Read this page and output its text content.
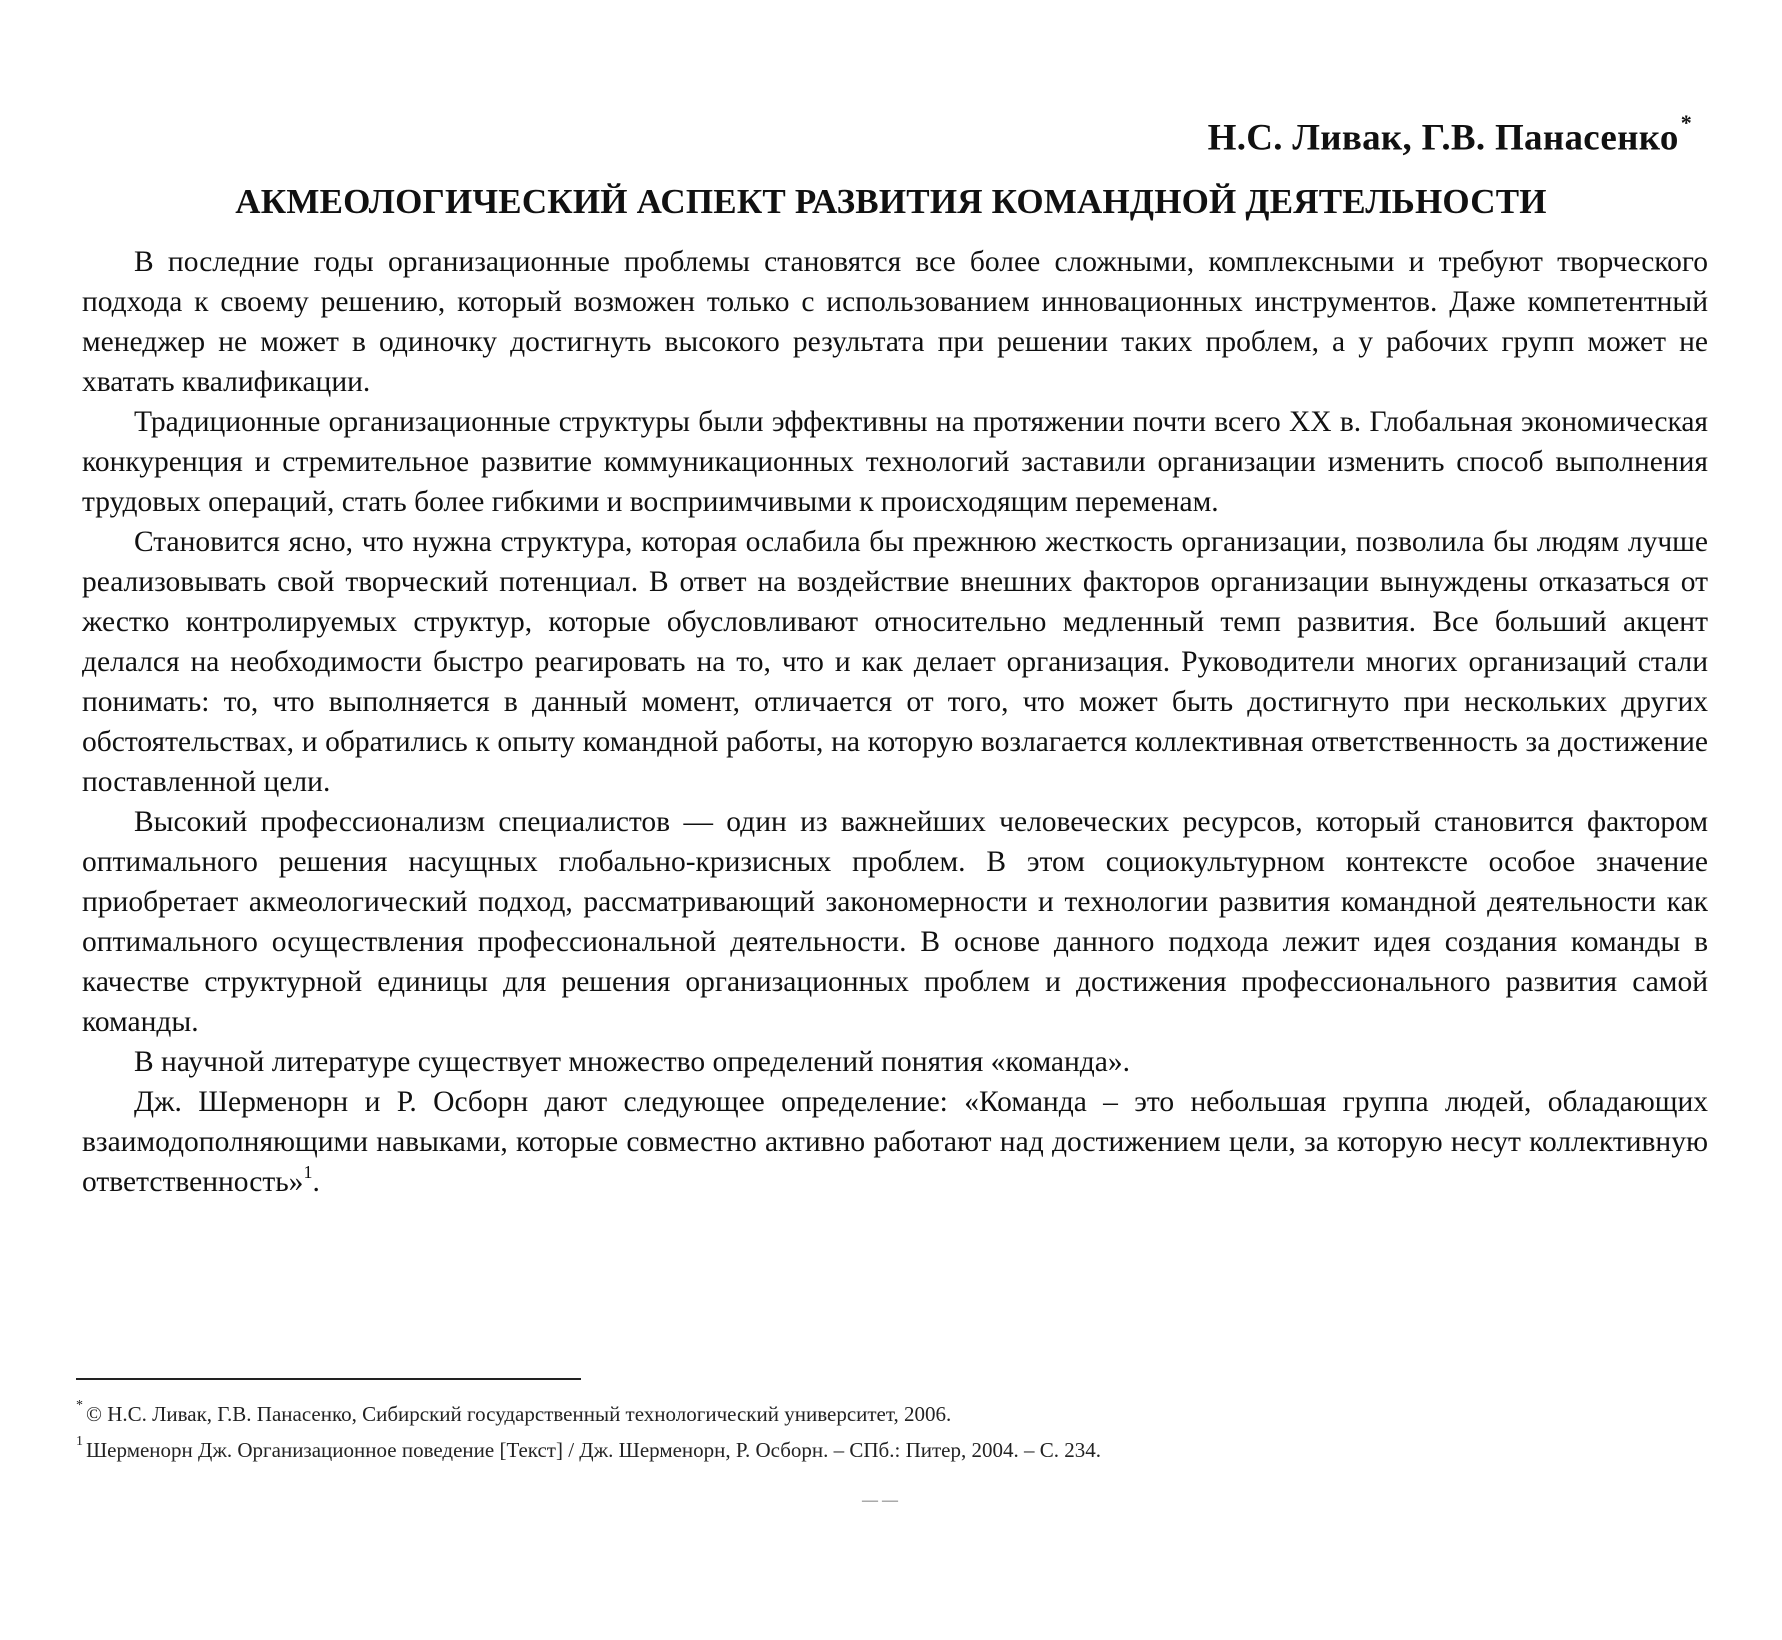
Н.С. Ливак, Г.В. Панасенко*
АКМЕОЛОГИЧЕСКИЙ АСПЕКТ РАЗВИТИЯ КОМАНДНОЙ ДЕЯТЕЛЬНОСТИ

В последние годы организационные проблемы становятся все более сложными, комплексными и требуют творческого подхода к своему решению, который возможен только с использованием инновационных инструментов. Даже компетентный менеджер не может в одиночку достигнуть высокого результата при решении таких проблем, а у рабочих групп может не хватать квалификации.

Традиционные организационные структуры были эффективны на протяжении почти всего XX в. Глобальная экономическая конкуренция и стремительное развитие коммуникационных технологий заставили организации изменить способ выполнения трудовых операций, стать более гибкими и восприимчивыми к происходящим переменам.

Становится ясно, что нужна структура, которая ослабила бы прежнюю жесткость организации, позволила бы людям лучше реализовывать свой творческий потенциал. В ответ на воздействие внешних факторов организации вынуждены отказаться от жестко контролируемых структур, которые обусловливают относительно медленный темп развития. Все больший акцент делался на необходимости быстро реагировать на то, что и как делает организация. Руководители многих организаций стали понимать: то, что выполняется в данный момент, отличается от того, что может быть достигнуто при нескольких других обстоятельствах, и обратились к опыту командной работы, на которую возлагается коллективная ответственность за достижение поставленной цели.

Высокий профессионализм специалистов — один из важнейших человеческих ресурсов, который становится фактором оптимального решения насущных глобально-кризисных проблем. В этом социокультурном контексте особое значение приобретает акмеологический подход, рассматривающий закономерности и технологии развития командной деятельности как оптимального осуществления профессиональной деятельности. В основе данного подхода лежит идея создания команды в качестве структурной единицы для решения организационных проблем и достижения профессионального развития самой команды.

В научной литературе существует множество определений понятия «команда».

Дж. Шерменорн и Р. Осборн дают следующее определение: «Команда – это небольшая группа людей, обладающих взаимодополняющими навыками, которые совместно активно работают над достижением цели, за которую несут коллективную ответственность»$^1$.

* © Н.С. Ливак, Г.В. Панасенко, Сибирский государственный технологический университет, 2006.
$^1$ Шерменорн Дж. Организационное поведение [Текст] / Дж. Шерменорн, Р. Осборн. – СПб.: Питер, 2004. – С. 234.
— —
